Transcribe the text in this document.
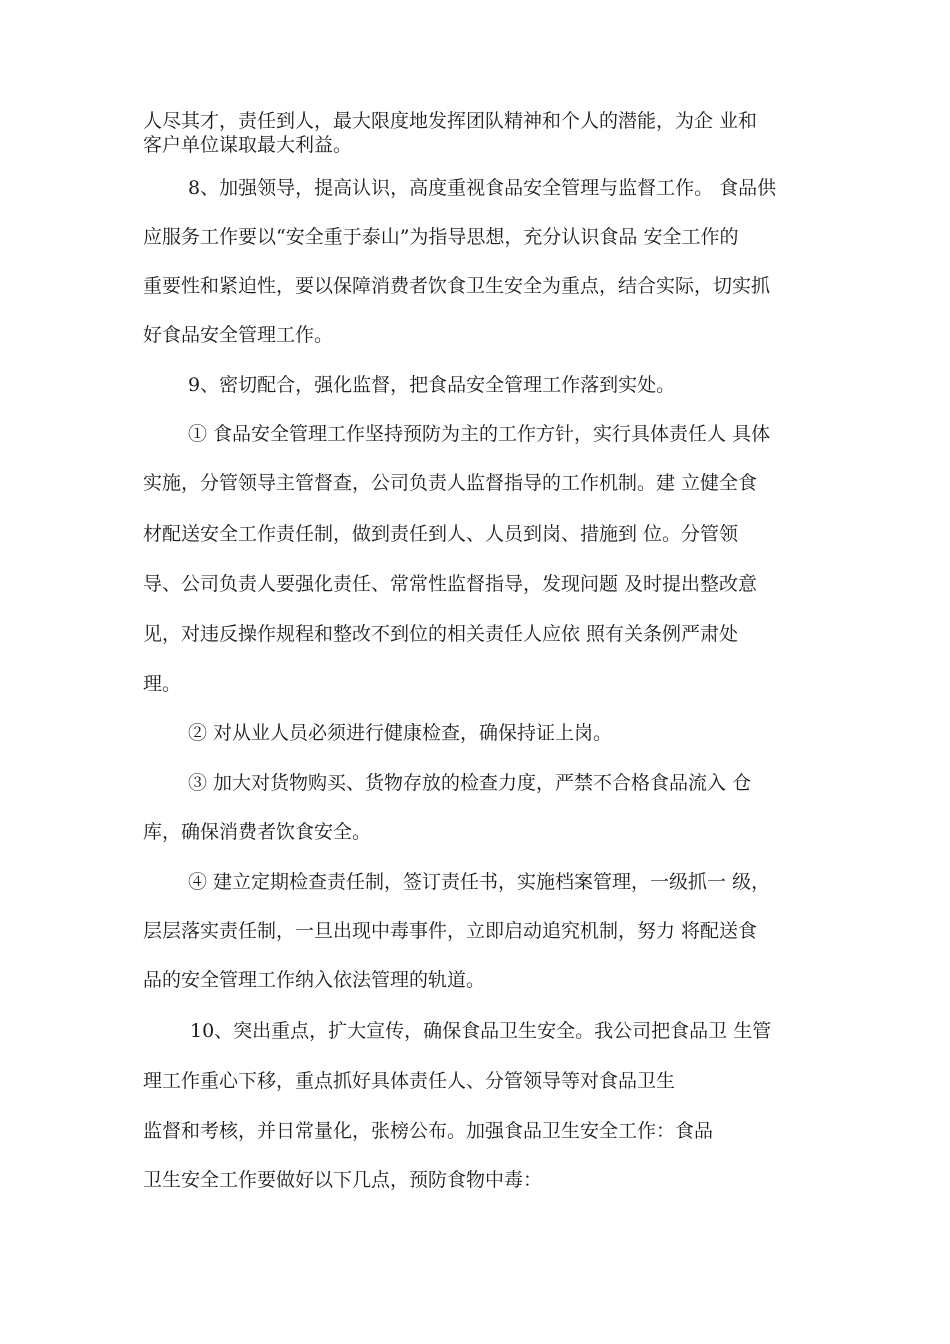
人尽其才，责任到人，最大限度地发挥团队精神和个人的潜能，为企 业和
客户单位谋取最大利益。
8、加强领导，提高认识，高度重视食品安全管理与监督工作。 食品供
应服务工作要以“安全重于泰山”为指导思想，充分认识食品 安全工作的
重要性和紧迫性，要以保障消费者饮食卫生安全为重点，结合实际，切实抓
好食品安全管理工作。
9、密切配合，强化监督，把食品安全管理工作落到实处。
① 食品安全管理工作坚持预防为主的工作方针，实行具体责任人 具体
实施，分管领导主管督查，公司负责人监督指导的工作机制。建 立健全食
材配送安全工作责任制，做到责任到人、人员到岗、措施到 位。分管领
导、公司负责人要强化责任、常常性监督指导，发现问题 及时提出整改意
见，对违反操作规程和整改不到位的相关责任人应依 照有关条例严肃处
理。
② 对从业人员必须进行健康检查，确保持证上岗。
③ 加大对货物购买、货物存放的检查力度，严禁不合格食品流入 仓
库，确保消费者饮食安全。
④ 建立定期检查责任制，签订责任书，实施档案管理，一级抓一 级，
层层落实责任制，一旦出现中毒事件，立即启动追究机制，努力 将配送食
品的安全管理工作纳入依法管理的轨道。
10、突出重点，扩大宣传，确保食品卫生安全。我公司把食品卫 生管
理工作重心下移，重点抓好具体责任人、分管领导等对食品卫生
监督和考核，并日常量化，张榜公布。加强食品卫生安全工作：食品
卫生安全工作要做好以下几点，预防食物中毒：
